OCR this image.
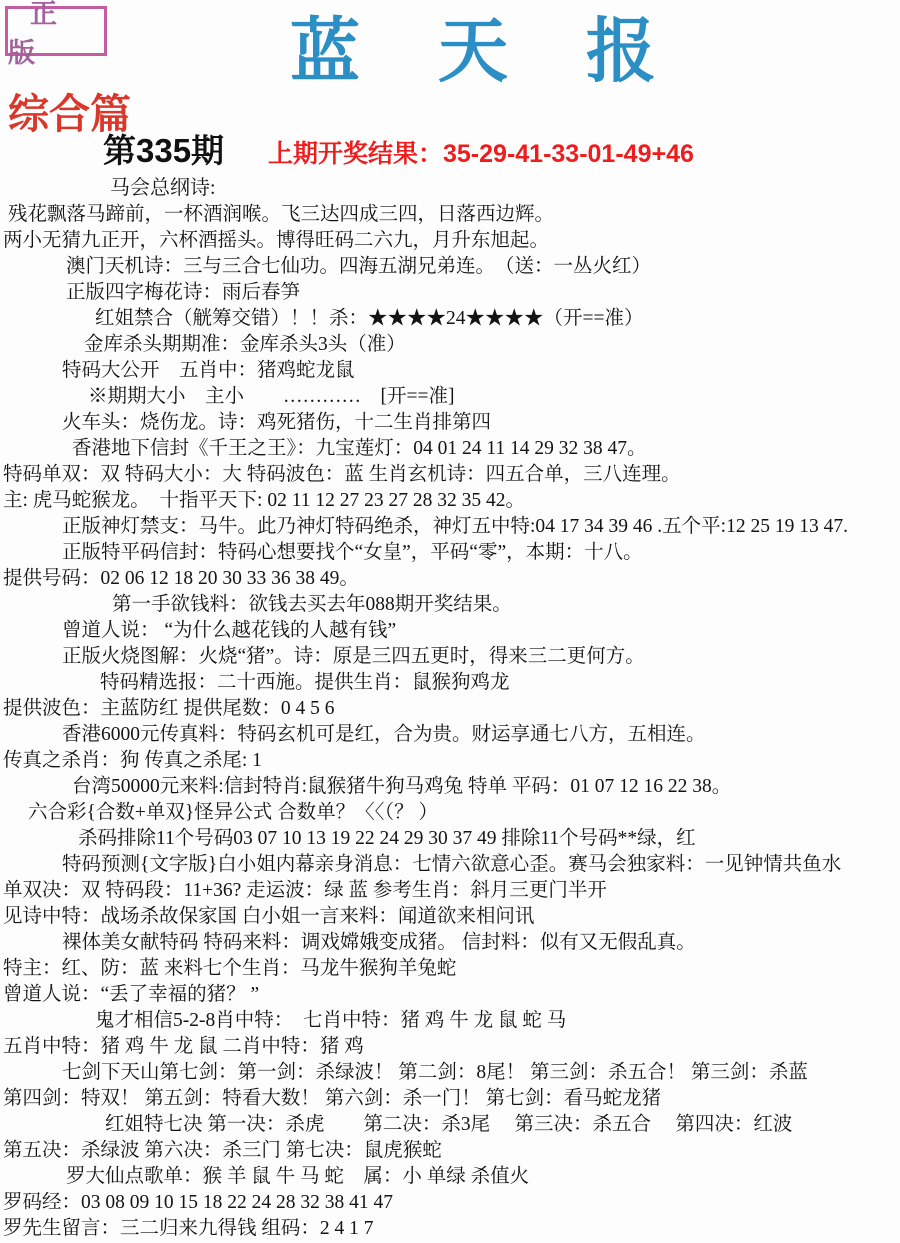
正版	蓝天报
综合篇
第335期 上期开奖结果：35-29-41-33-01-49+46
马会总纲诗:
残花飘落马蹄前，一杯酒润喉。飞三达四成三四，日落西边辉。
两小无猜九正开，六杯酒摇头。博得旺码二六九，月升东旭起。
澳门天机诗：三与三合七仙功。四海五湖兄弟连。　（送：一丛火红）
正版四字梅花诗：雨后春笋
红姐禁合（觥筹交错）！！杀：★★★★24★★★★（开==准）
金库杀头期期准：金库杀头3头（准）
特码大公开　五肖中：猪鸡蛇龙鼠
※期期大小　主小　　…………　[开==准]
火车头：烧伤龙。诗：鸡死猪伤，十二生肖排第四
香港地下信封《千王之王》：九宝莲灯：04 01 24 11 14 29 32 38 47。
特码单双：双 特码大小：大 特码波色：蓝 生肖玄机诗：四五合单，三八连理。
主: 虎马蛇猴龙。　十指平天下: 02 11 12 27 23 27 28 32 35 42。
正版神灯禁支：马牛。此乃神灯特码绝杀，神灯五中特:04 17 34 39 46 .五个平:12 25 19 13 47.
正版特平码信封：特码心想要找个“女皇”，平码“零”，本期：十八。
提供号码：02 06 12 18 20 30 33 36 38 49。
第一手欲钱料：欲钱去买去年088期开奖结果。
曾道人说： “为什么越花钱的人越有钱”
正版火烧图解：火烧“猪”。诗：原是三四五更时，得来三二更何方。
特码精选报：二十西施。提供生肖：鼠猴狗鸡龙
提供波色：主蓝防红 提供尾数：0 4 5 6
香港6000元传真料：特码玄机可是红，合为贵。财运享通七八方，五相连。
传真之杀肖：狗 传真之杀尾: 1
台湾50000元来料:信封特肖:鼠猴猪牛狗马鸡兔 特单 平码：01 07 12 16 22 38。
六合彩{合数+单双}怪异公式 合数单？〈〈（？ ）
杀码排除11个号码03 07 10 13 19 22 24 29 30 37 49 排除11个号码**绿，红
特码预测{文字版}白小姐内幕亲身消息：七情六欲意心歪。赛马会独家料：一见钟情共鱼水
单双决：双 特码段：11+36? 走运波：绿 蓝 参考生肖：斜月三更门半开
见诗中特：战场杀故保家国 白小姐一言来料：闻道欲来相问讯
裸体美女献特码 特码来料：调戏嫦娥变成猪。 信封料：似有又无假乱真。
特主：红、防：蓝 来料七个生肖：马龙牛猴狗羊兔蛇
曾道人说：“丢了幸福的猪？ ”
鬼才相信5-2-8肖中特：　七肖中特：猪 鸡 牛 龙 鼠 蛇 马
五肖中特：猪 鸡 牛 龙 鼠 二肖中特：猪 鸡
七剑下天山第七剑：第一剑：杀绿波！ 第二剑：8尾！ 第三剑：杀五合！ 第三剑：杀蓝
第四剑：特双！ 第五剑：特看大数！ 第六剑：杀一门！ 第七剑：看马蛇龙猪
红姐特七决 第一决：杀虎　　第二决：杀3尾　 第三决：杀五合　 第四决：红波
第五决：杀绿波 第六决：杀三门 第七决：鼠虎猴蛇
罗大仙点歌单：猴 羊 鼠 牛 马 蛇　属：小 单绿 杀值火
罗码经：03 08 09 10 15 18 22 24 28 32 38 41 47
罗先生留言：三二归来九得钱 组码：2 4 1 7
